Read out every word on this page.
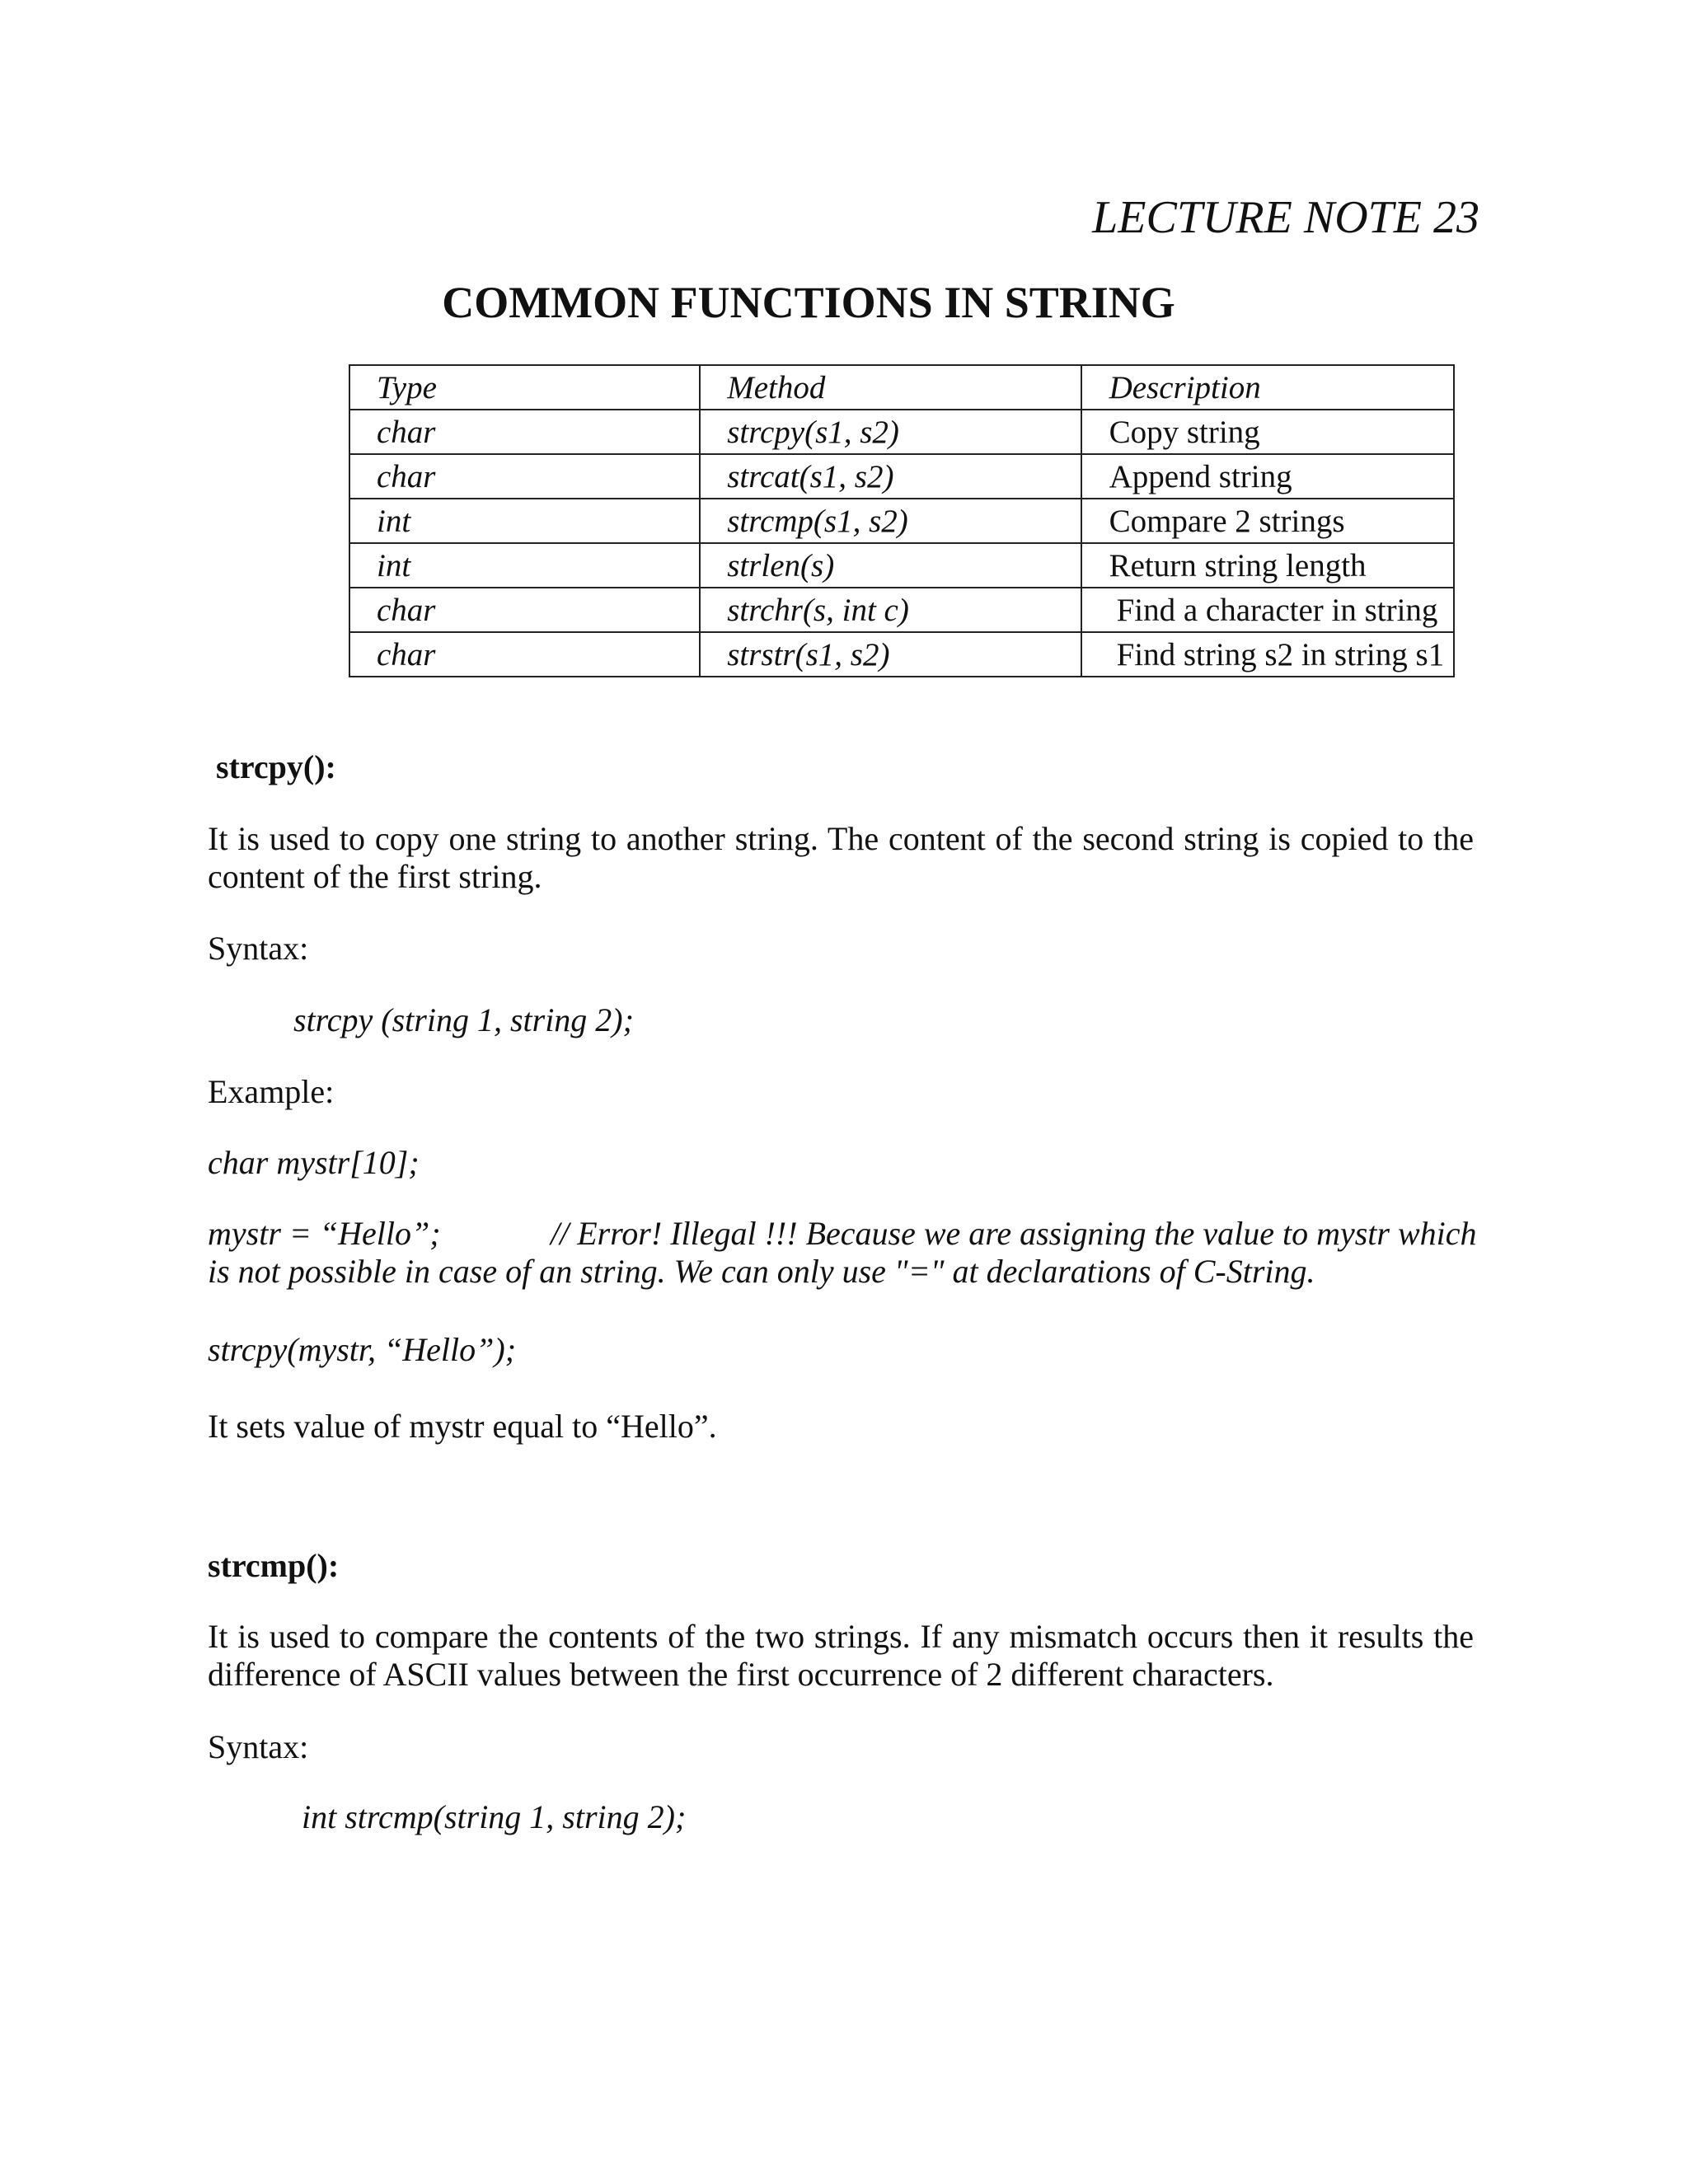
LECTURE NOTE 23
COMMON FUNCTIONS IN STRING
Type	Method	Description
char	strcpy(s1, s2)	Copy string
char	strcat(s1, s2)	Append string
int	strcmp(s1, s2)	Compare 2 strings
int	strlen(s)	Return string length
char	strchr(s, int c)	Find a character in string
char	strstr(s1, s2)	Find string s2 in string s1
strcpy():
It is used to copy one string to another string. The content of the second string is copied to the content of the first string.
Syntax:
strcpy (string 1, string 2);
Example:
char mystr[10];
mystr = “Hello”;	// Error! Illegal !!! Because we are assigning the value to mystr which
is not possible in case of an string. We can only use "=" at declarations of C-String.
strcpy(mystr, “Hello”);
It sets value of mystr equal to “Hello”.
strcmp():
It is used to compare the contents of the two strings. If any mismatch occurs then it results the difference of ASCII values between the first occurrence of 2 different characters.
Syntax:
int strcmp(string 1, string 2);
